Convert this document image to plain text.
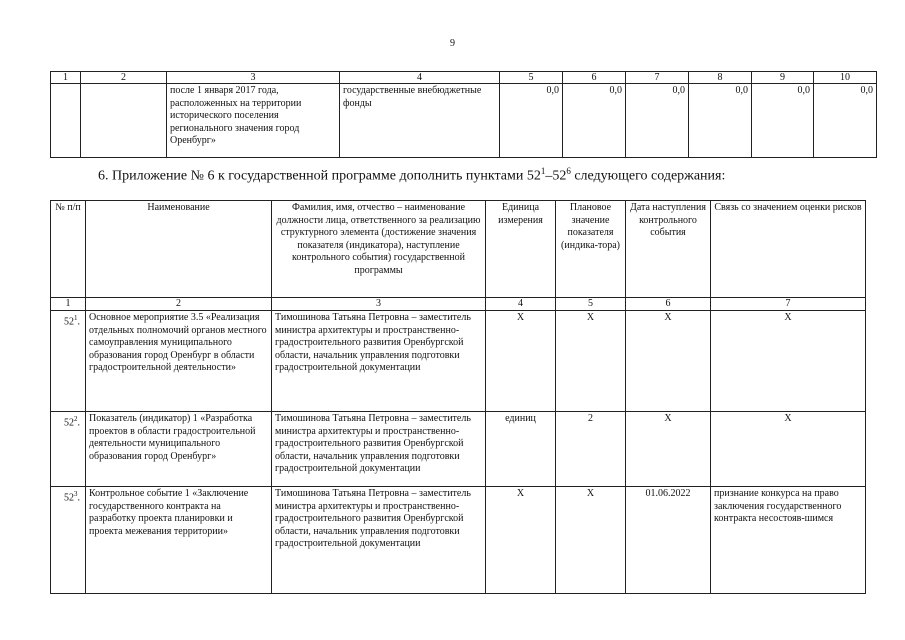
9
1	2	3	4	5	6	7	8	9	10
		после 1 января 2017 года, расположенных на территории исторического поселения регионального значения город Оренбург»	государственные внебюджетные фонды	0,0	0,0	0,0	0,0	0,0	0,0
6. Приложение № 6 к государственной программе дополнить пунктами $52^1-52^6$ следующего содержания:
№ п/п	Наименование	Фамилия, имя, отчество – наименование должности лица, ответственного за реализацию структурного элемента (достижение значения показателя (индикатора), наступление контрольного события) государственной программы	Единица измерения	Плановое значение показателя (индика-тора)	Дата наступления контрольного события	Связь со значением оценки рисков
1	2	3	4	5	6	7
$52^1$.	Основное мероприятие 3.5 «Реализация отдельных полномочий органов местного самоуправления муниципального образования город Оренбург в области градостроительной деятельности»	Тимошинова Татьяна Петровна – заместитель министра архитектуры и пространственно-градостроительного развития Оренбургской области, начальник управления подготовки градостроительной документации	Х	Х	Х	Х
$52^2$.	Показатель (индикатор) 1 «Разработка проектов в области градостроительной деятельности муниципального образования город Оренбург»	Тимошинова Татьяна Петровна – заместитель министра архитектуры и пространственно-градостроительного развития Оренбургской области, начальник управления подготовки градостроительной документации	единиц	2	Х	Х
$52^3$.	Контрольное событие 1 «Заключение государственного контракта на разработку проекта планировки и проекта межевания территории»	Тимошинова Татьяна Петровна – заместитель министра архитектуры и пространственно-градостроительного развития Оренбургской области, начальник управления подготовки градостроительной документации	Х	Х	01.06.2022	признание конкурса на право заключения государственного контракта несостояв-шимся
